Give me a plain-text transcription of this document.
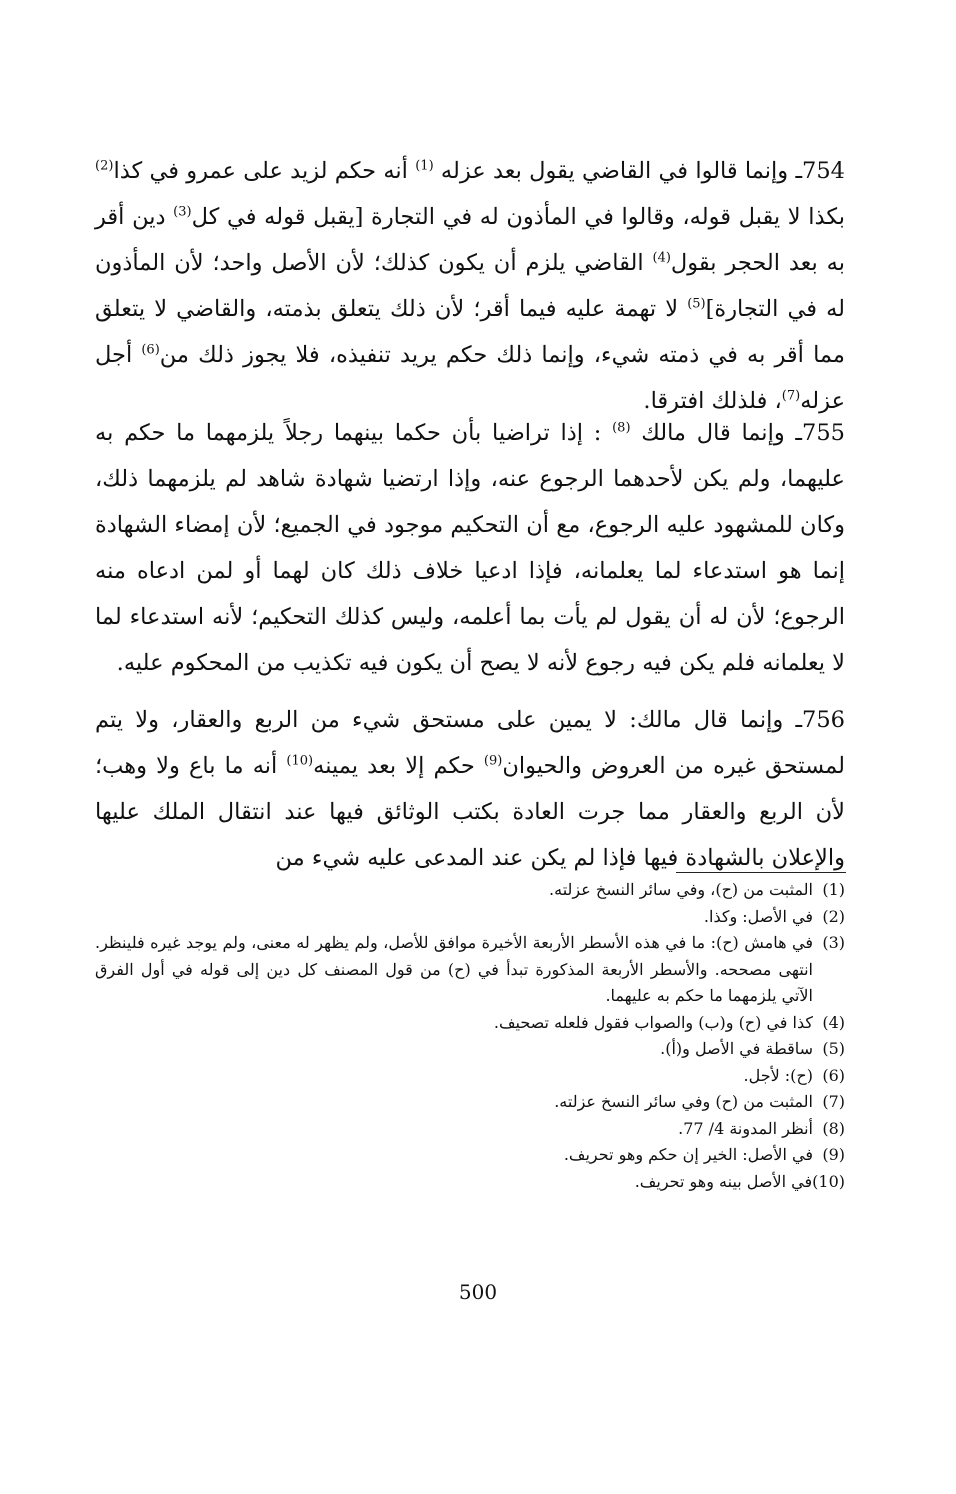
754ـ وإنما قالوا في القاضي يقول بعد عزله $^{(1)}$ أنه حكم لزيد على عمرو في كذا$^{(2)}$ بكذا لا يقبل قوله، وقالوا في المأذون له في التجارة [يقبل قوله في كل$^{(3)}$ دين أقر به بعد الحجر بقول$^{(4)}$ القاضي يلزم أن يكون كذلك؛ لأن الأصل واحد؛ لأن المأذون له في التجارة]$^{(5)}$ لا تهمة عليه فيما أقر؛ لأن ذلك يتعلق بذمته، والقاضي لا يتعلق مما أقر به في ذمته شيء، وإنما ذلك حكم يريد تنفيذه، فلا يجوز ذلك من$^{(6)}$ أجل عزله$^{(7)}$، فلذلك افترقا.

755ـ وإنما قال مالك $^{(8)}$ : إذا تراضيا بأن حكما بينهما رجلاً يلزمهما ما حكم به عليهما، ولم يكن لأحدهما الرجوع عنه، وإذا ارتضيا شهادة شاهد لم يلزمهما ذلك، وكان للمشهود عليه الرجوع، مع أن التحكيم موجود في الجميع؛ لأن إمضاء الشهادة إنما هو استدعاء لما يعلمانه، فإذا ادعيا خلاف ذلك كان لهما أو لمن ادعاه منه الرجوع؛ لأن له أن يقول لم يأت بما أعلمه، وليس كذلك التحكيم؛ لأنه استدعاء لما لا يعلمانه فلم يكن فيه رجوع لأنه لا يصح أن يكون فيه تكذيب من المحكوم عليه.

756ـ وإنما قال مالك: لا يمين على مستحق شيء من الربع والعقار، ولا يتم لمستحق غيره من العروض والحيوان$^{(9)}$ حكم إلا بعد يمينه$^{(10)}$ أنه ما باع ولا وهب؛ لأن الربع والعقار مما جرت العادة بكتب الوثائق فيها عند انتقال الملك عليها والإعلان بالشهادة فيها فإذا لم يكن عند المدعى عليه شيء من

(1)
المثبت من (ح)، وفي سائر النسخ عزلته.
(2)
في الأصل: وكذا.
(3)
في هامش (ح): ما في هذه الأسطر الأربعة الأخيرة موافق للأصل، ولم يظهر له معنى، ولم يوجد غيره فلينظر. انتهى مصححه. والأسطر الأربعة المذكورة تبدأ في (ح) من قول المصنف كل دين إلى قوله في أول الفرق الآتي يلزمهما ما حكم به عليهما.
(4)
كذا في (ح) و(ب) والصواب فقول فلعله تصحيف.
(5)
ساقطة في الأصل و(أ).
(6)
(ح): لأجل.
(7)
المثبت من (ح) وفي سائر النسخ عزلته.
(8)
أنظر المدونة 4/ 77.
(9)
في الأصل: الخير إن حكم وهو تحريف.
(10)
في الأصل بينه وهو تحريف.
500
